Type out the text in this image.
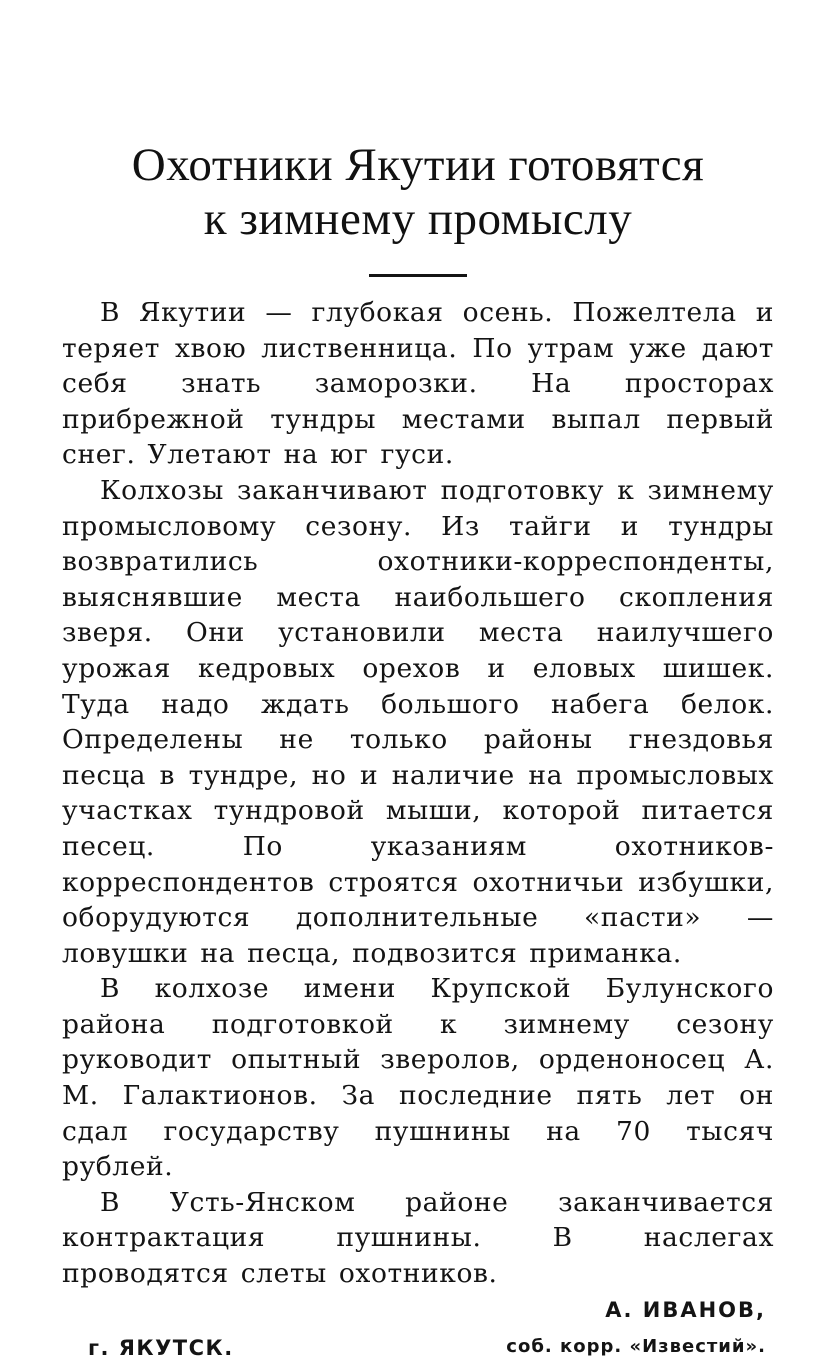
Охотники Якутии готовятся
к зимнему промыслу

В Якутии — глубокая осень. Пожелтела и теряет хвою лиственница. По утрам уже дают себя знать заморозки. На просторах прибрежной тундры местами выпал первый снег. Улетают на юг гуси.

Колхозы заканчивают подготовку к зимнему промысловому сезону. Из тайги и тундры возвратились охотники-корреспонденты, выяснявшие места наибольшего скопления зверя. Они установили места наилучшего урожая кедровых орехов и еловых шишек. Туда надо ждать большого набега белок. Определены не только районы гнездовья песца в тундре, но и наличие на промысловых участках тундровой мыши, которой питается песец. По указаниям охотников-корреспондентов строятся охотничьи избушки, оборудуются дополнительные «пасти» — ловушки на песца, подвозится приманка.

В колхозе имени Крупской Булунского района подготовкой к зимнему сезону руководит опытный зверолов, орденоносец А. М. Галактионов. За последние пять лет он сдал государству пушнины на 70 тысяч рублей.

В Усть-Янском районе заканчивается контрактация пушнины. В наслегах проводятся слеты охотников.

А. ИВАНОВ,
г. ЯКУТСК.	соб. корр. «Известий».
